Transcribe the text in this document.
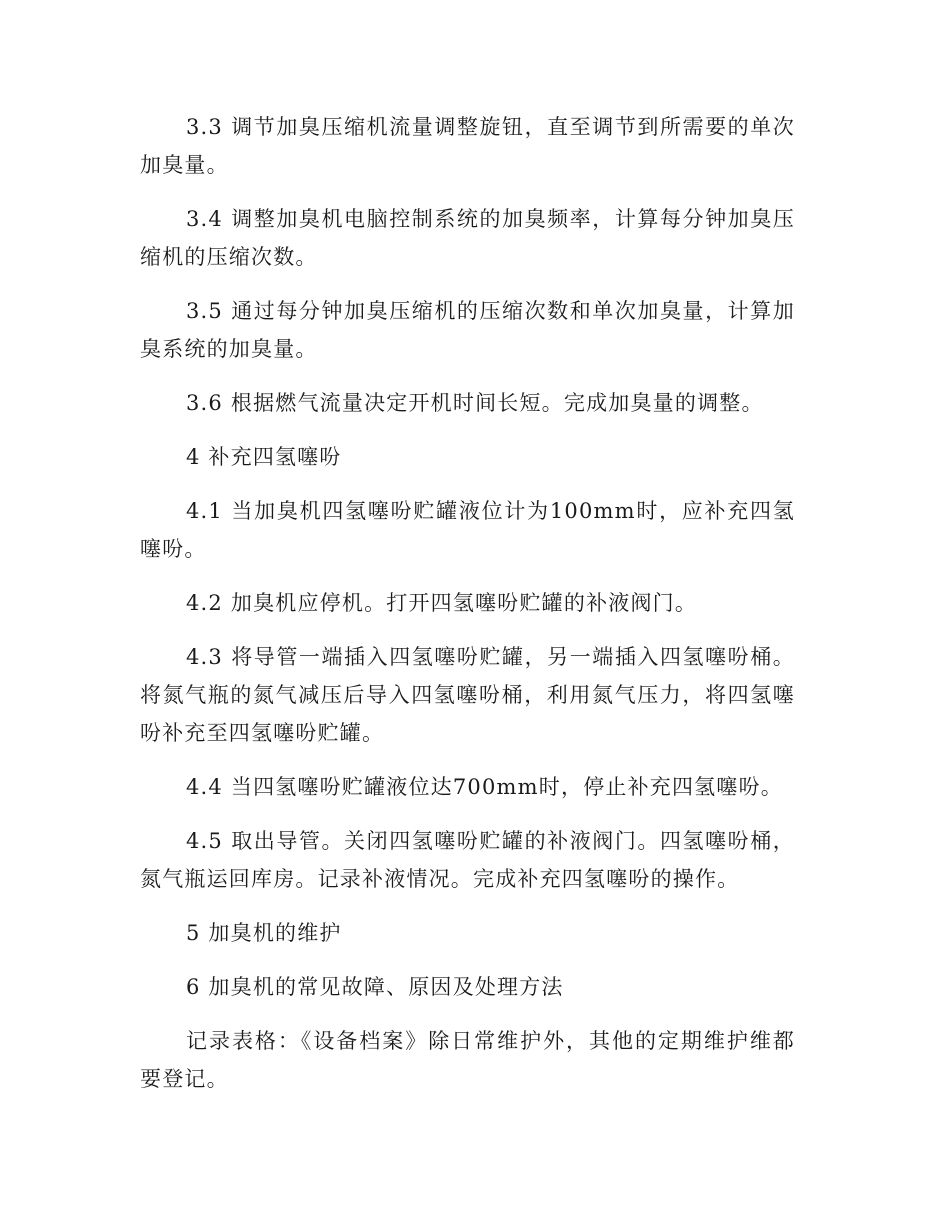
3.3 调节加臭压缩机流量调整旋钮，直至调节到所需要的单次加臭量。

3.4 调整加臭机电脑控制系统的加臭频率，计算每分钟加臭压缩机的压缩次数。

3.5 通过每分钟加臭压缩机的压缩次数和单次加臭量，计算加臭系统的加臭量。

3.6 根据燃气流量决定开机时间长短。完成加臭量的调整。

4 补充四氢噻吩

4.1 当加臭机四氢噻吩贮罐液位计为100mm时，应补充四氢噻吩。

4.2 加臭机应停机。打开四氢噻吩贮罐的补液阀门。

4.3 将导管一端插入四氢噻吩贮罐，另一端插入四氢噻吩桶。将氮气瓶的氮气减压后导入四氢噻吩桶，利用氮气压力，将四氢噻吩补充至四氢噻吩贮罐。

4.4 当四氢噻吩贮罐液位达700mm时，停止补充四氢噻吩。

4.5 取出导管。关闭四氢噻吩贮罐的补液阀门。四氢噻吩桶，氮气瓶运回库房。记录补液情况。完成补充四氢噻吩的操作。

5 加臭机的维护

6 加臭机的常见故障、原因及处理方法

记录表格：《设备档案》除日常维护外，其他的定期维护维都要登记。
